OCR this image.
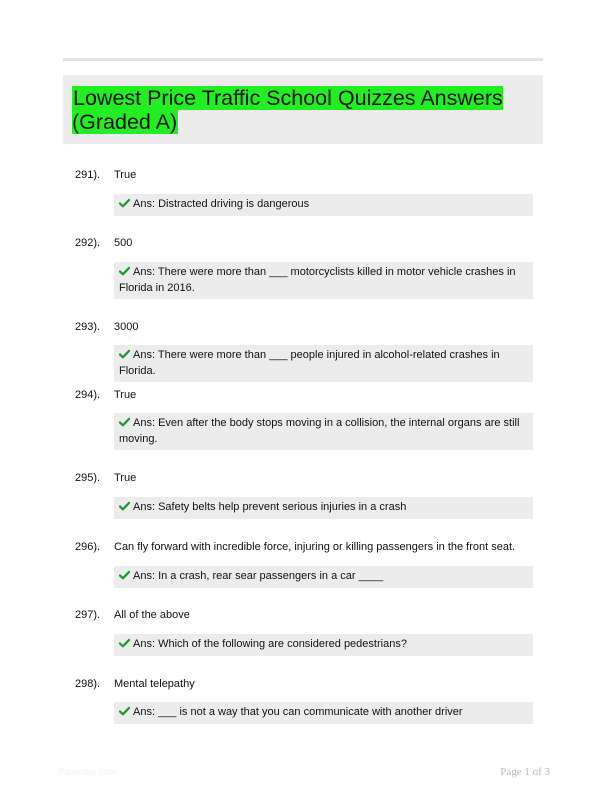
Lowest Price Traffic School Quizzes Answers (Graded A)
291). True
Ans: Distracted driving is dangerous
292). 500
Ans: There were more than ___ motorcyclists killed in motor vehicle crashes in Florida in 2016.
293). 3000
Ans: There were more than ___ people injured in alcohol-related crashes in Florida.
294). True
Ans: Even after the body stops moving in a collision, the internal organs are still moving.
295). True
Ans: Safety belts help prevent serious injuries in a crash
296). Can fly forward with incredible force, injuring or killing passengers in the front seat.
Ans: In a crash, rear sear passengers in a car ____
297). All of the above
Ans: Which of the following are considered pedestrians?
298). Mental telepathy
Ans: ___ is not a way that you can communicate with another driver
Papertibe.com	Page 1 of 3
